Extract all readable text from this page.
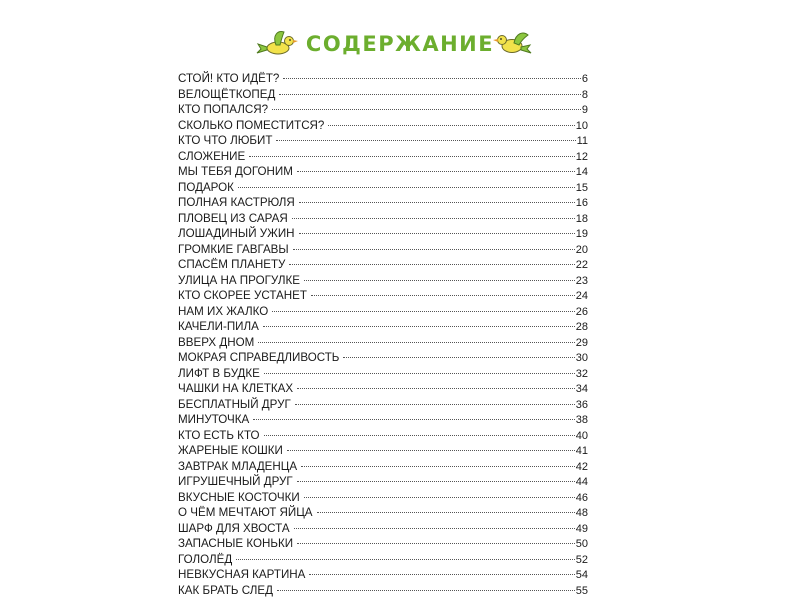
СОДЕРЖАНИЕ
СТОЙ! КТО ИДЁТ?	6
ВЕЛОЩЁТКОПЕД	8
КТО ПОПАЛСЯ?	9
СКОЛЬКО ПОМЕСТИТСЯ?	10
КТО ЧТО ЛЮБИТ	11
СЛОЖЕНИЕ	12
МЫ ТЕБЯ ДОГОНИМ	14
ПОДАРОК	15
ПОЛНАЯ КАСТРЮЛЯ	16
ПЛОВЕЦ ИЗ САРАЯ	18
ЛОШАДИНЫЙ УЖИН	19
ГРОМКИЕ ГАВГАВЫ	20
СПАСЁМ ПЛАНЕТУ	22
УЛИЦА НА ПРОГУЛКЕ	23
КТО СКОРЕЕ УСТАНЕТ	24
НАМ ИХ ЖАЛКО	26
КАЧЕЛИ-ПИЛА	28
ВВЕРХ ДНОМ	29
МОКРАЯ СПРАВЕДЛИВОСТЬ	30
ЛИФТ В БУДКЕ	32
ЧАШКИ НА КЛЕТКАХ	34
БЕСПЛАТНЫЙ ДРУГ	36
МИНУТОЧКА	38
КТО ЕСТЬ КТО	40
ЖАРЕНЫЕ КОШКИ	41
ЗАВТРАК МЛАДЕНЦА	42
ИГРУШЕЧНЫЙ ДРУГ	44
ВКУСНЫЕ КОСТОЧКИ	46
О ЧЁМ МЕЧТАЮТ ЯЙЦА	48
ШАРФ ДЛЯ ХВОСТА	49
ЗАПАСНЫЕ КОНЬКИ	50
ГОЛОЛЁД	52
НЕВКУСНАЯ КАРТИНА	54
КАК БРАТЬ СЛЕД	55
